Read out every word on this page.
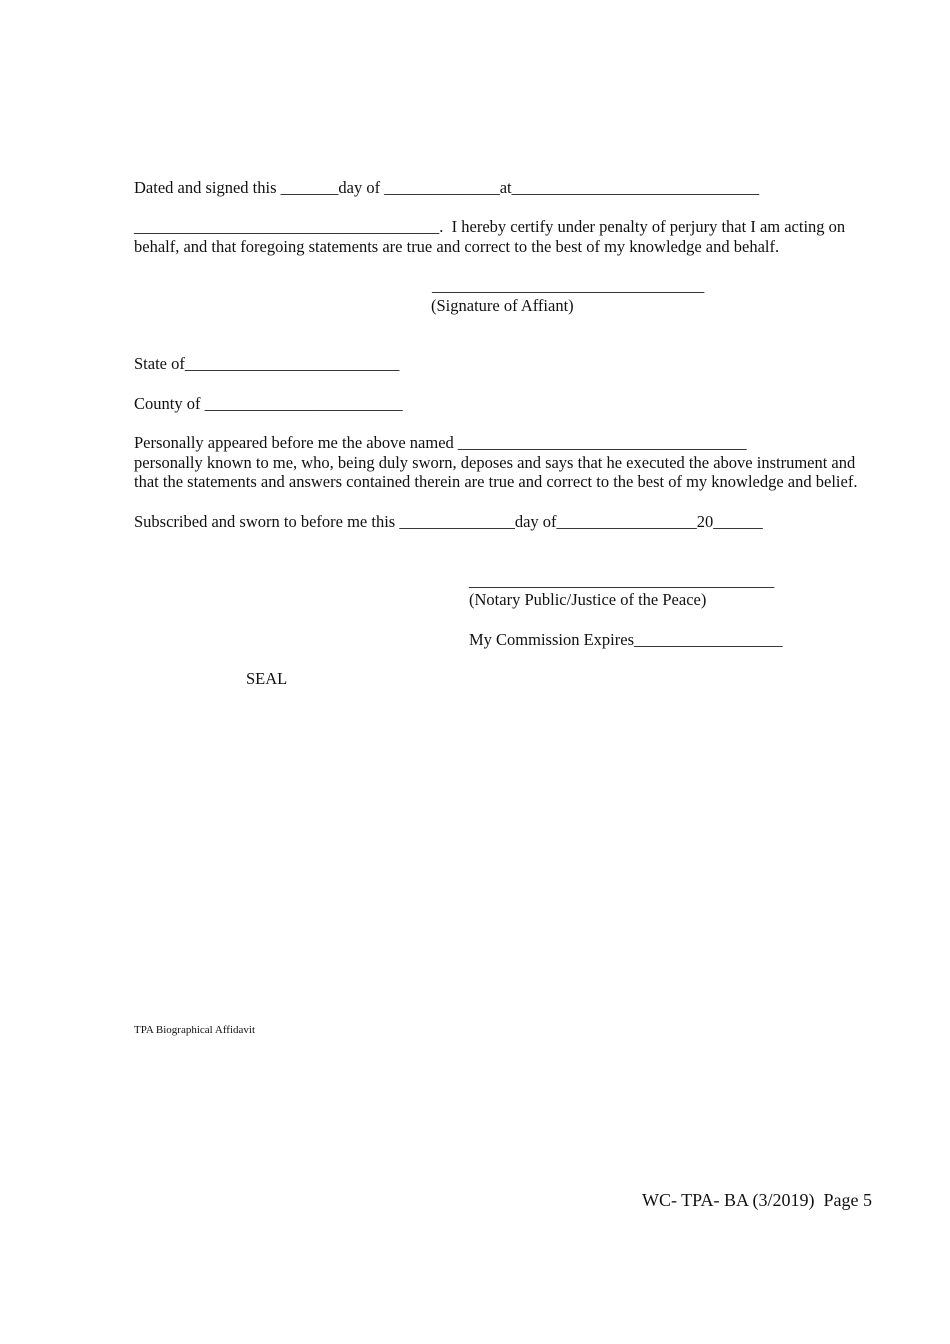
Dated and signed this _______day of ______________at______________________________
_____________________________________.  I hereby certify under penalty of perjury that I am acting on
behalf, and that foregoing statements are true and correct to the best of my knowledge and behalf.
_________________________________
(Signature of Affiant)
State of__________________________
County of ________________________
Personally appeared before me the above named ___________________________________
personally known to me, who, being duly sworn, deposes and says that he executed the above instrument and
that the statements and answers contained therein are true and correct to the best of my knowledge and belief.
Subscribed and sworn to before me this ______________day of_________________20______
_____________________________________
(Notary Public/Justice of the Peace)
My Commission Expires__________________
SEAL
TPA Biographical Affidavit
WC- TPA- BA (3/2019)  Page 5
